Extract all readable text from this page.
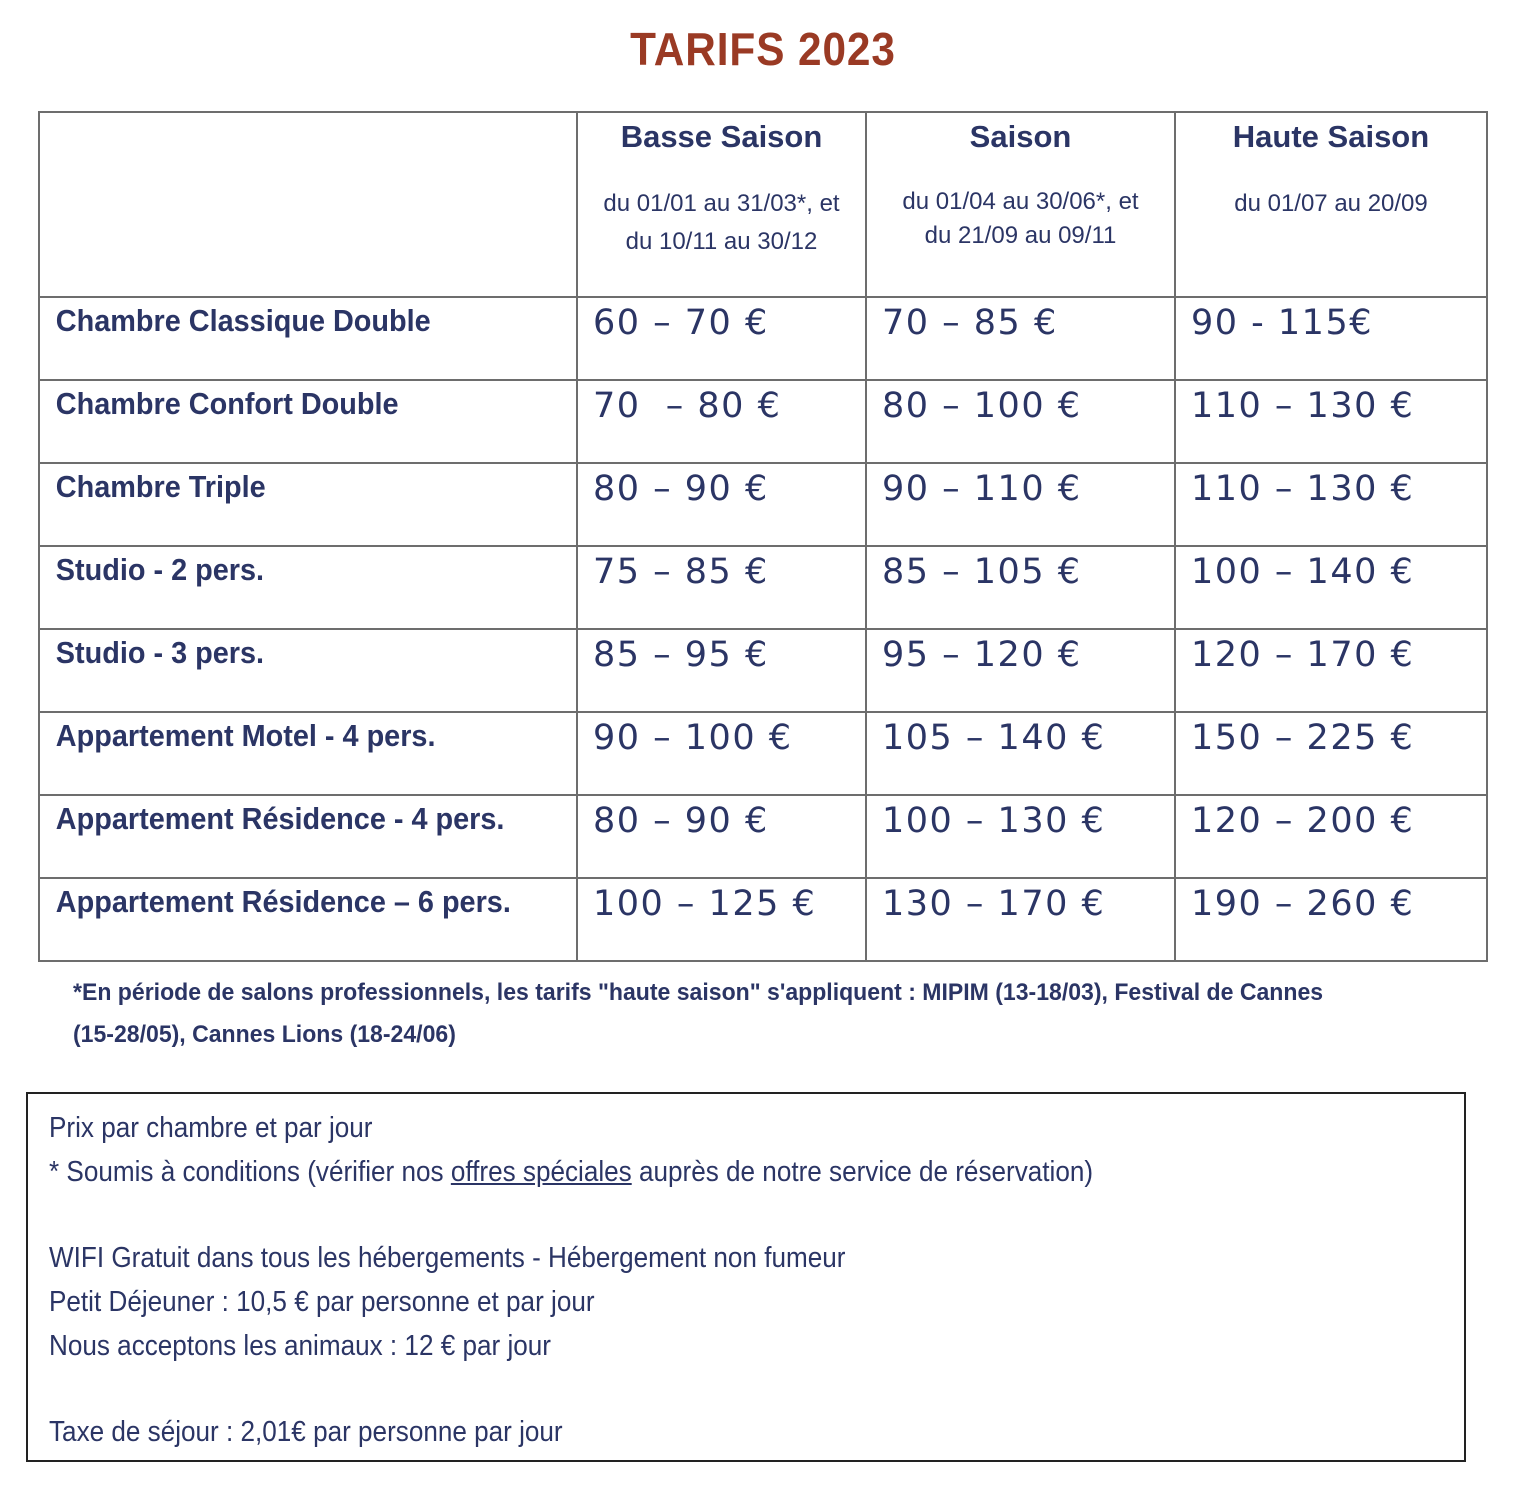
TARIFS 2023

	Basse Saison
du 01/01 au 31/03*, et
du 10/11 au 30/12	Saison
du 01/04 au 30/06*, et
du 21/09 au 09/11	Haute Saison
du 01/07 au 20/09

Chambre Classique Double	60 – 70 €	70 – 85 €	90 - 115€

Chambre Confort Double	70  – 80 €	80 – 100 €	110 – 130 €

Chambre Triple	80 – 90 €	90 – 110 €	110 – 130 €

Studio - 2 pers.	75 – 85 €	85 – 105 €	100 – 140 €

Studio - 3 pers.	85 – 95 €	95 – 120 €	120 – 170 €

Appartement Motel - 4 pers.	90 – 100 €	105 – 140 €	150 – 225 €

Appartement Résidence - 4 pers.	80 – 90 €	100 – 130 €	120 – 200 €

Appartement Résidence – 6 pers.	100 – 125 €	130 – 170 €	190 – 260 €
*En période de salons professionnels, les tarifs "haute saison" s'appliquent : MIPIM (13-18/03), Festival de Cannes
(15-28/05), Cannes Lions (18-24/06)
Prix par chambre et par jour
* Soumis à conditions (vérifier nos offres spéciales auprès de notre service de réservation)
WIFI Gratuit dans tous les hébergements - Hébergement non fumeur
Petit Déjeuner : 10,5 € par personne et par jour
Nous acceptons les animaux : 12 € par jour
Taxe de séjour : 2,01€ par personne par jour
